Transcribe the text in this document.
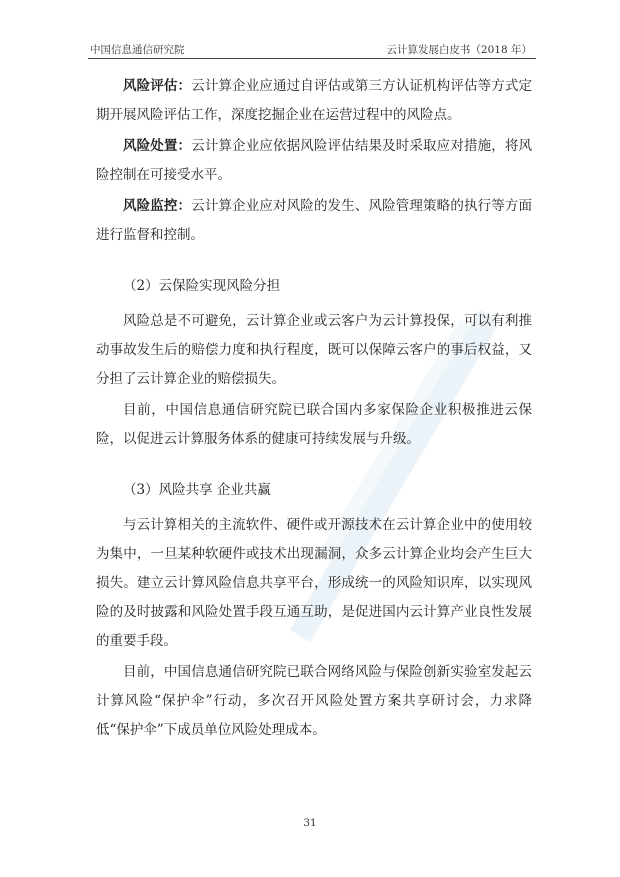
中国信息通信研究院	云计算发展白皮书（2018 年）

风险评估：云计算企业应通过自评估或第三方认证机构评估等方式定期开展风险评估工作，深度挖掘企业在运营过程中的风险点。

风险处置：云计算企业应依据风险评估结果及时采取应对措施，将风险控制在可接受水平。

风险监控：云计算企业应对风险的发生、风险管理策略的执行等方面进行监督和控制。

（2）云保险实现风险分担

风险总是不可避免，云计算企业或云客户为云计算投保，可以有利推动事故发生后的赔偿力度和执行程度，既可以保障云客户的事后权益，又分担了云计算企业的赔偿损失。

目前，中国信息通信研究院已联合国内多家保险企业积极推进云保险，以促进云计算服务体系的健康可持续发展与升级。

（3）风险共享 企业共赢

与云计算相关的主流软件、硬件或开源技术在云计算企业中的使用较为集中，一旦某种软硬件或技术出现漏洞，众多云计算企业均会产生巨大损失。建立云计算风险信息共享平台，形成统一的风险知识库，以实现风险的及时披露和风险处置手段互通互助，是促进国内云计算产业良性发展的重要手段。

目前，中国信息通信研究院已联合网络风险与保险创新实验室发起云计算风险“保护伞”行动，多次召开风险处置方案共享研讨会，力求降低“保护伞”下成员单位风险处理成本。

31
